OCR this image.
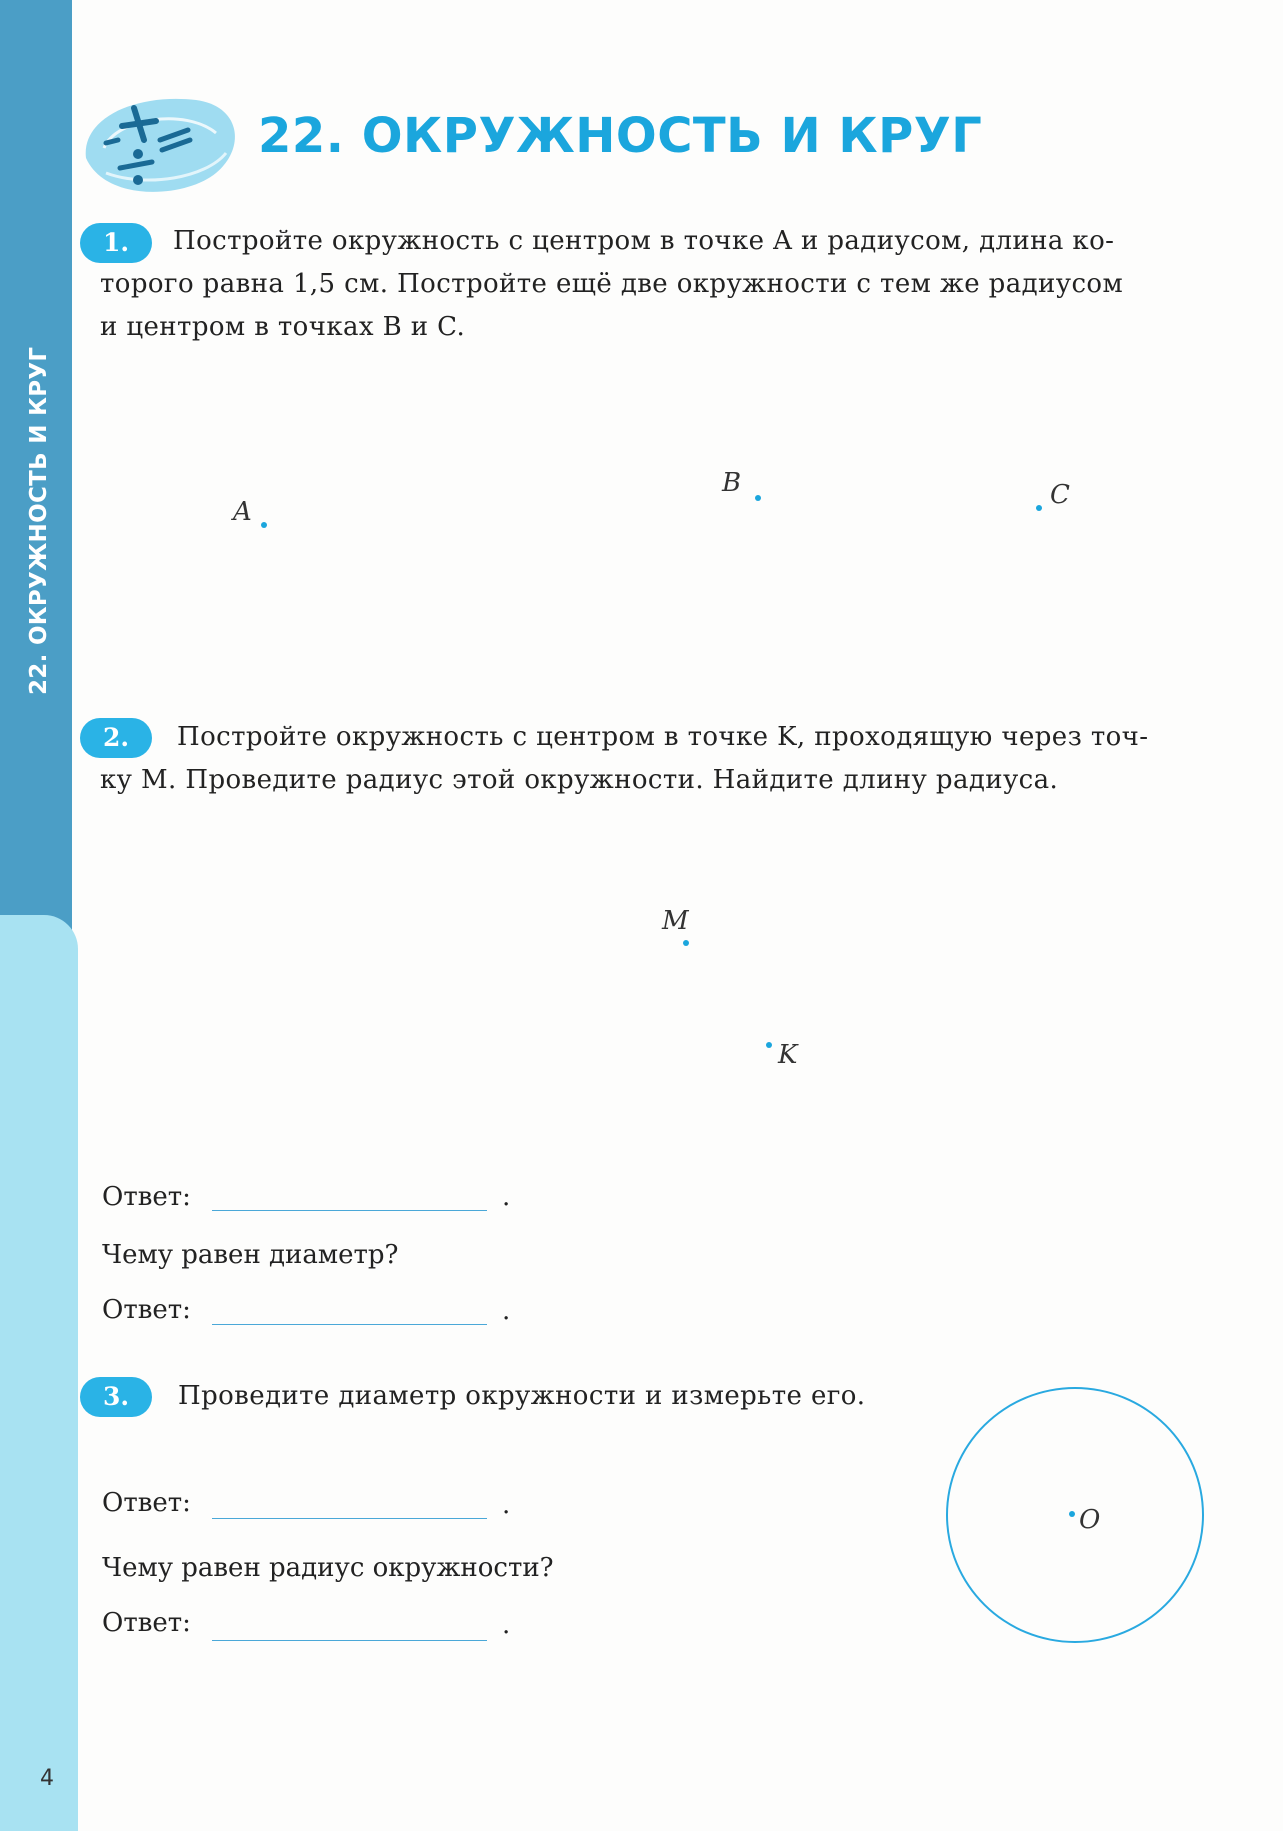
22. ОКРУЖНОСТЬ И КРУГ
4
22. ОКРУЖНОСТЬ И КРУГ
1.	Постройте окружность с центром в точке A и радиусом, длина ко-
торого равна 1,5 см. Постройте ещё две окружности с тем же радиусом
и центром в точках B и C.
A
B	C
2.	Постройте окружность с центром в точке K, проходящую через точ-
ку M. Проведите радиус этой окружности. Найдите длину радиуса.
M
K
Ответ:	.
Чему равен диаметр?
Ответ:	.
3.	Проведите диаметр окружности и измерьте его.
Ответ:	.
Чему равен радиус окружности?
Ответ:	.
O
